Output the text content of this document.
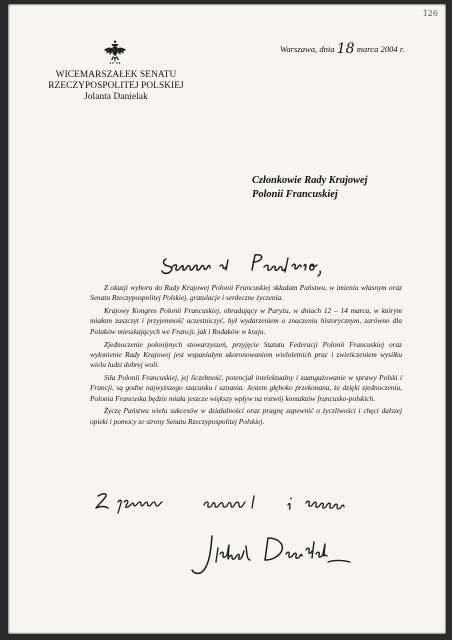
126
WICEMARSZAŁEK SENATU
RZECZYPOSPOLITEJ POLSKIEJ
Jolanta Danielak
Warszawa, dnia 18 marca 2004 r.
Członkowie Rady Krajowej
Polonii Francuskiej

Z okazji wyboru do Rady Krajowej Polonii Francuskiej składam Państwu, w imieniu własnym oraz Senatu Rzeczypospolitej Polskiej, gratulacje i serdeczne życzenia.

Krajowy Kongres Polonii Francuskiej, obradujący w Paryżu, w dniach 12 – 14 marca, w którym miałam zaszczyt i przyjemność uczestniczyć, był wydarzeniem o znaczeniu historycznym, zarówno dla Polaków mieszkających we Francji, jak i Rodaków w kraju.

Zjednoczenie polonijnych stowarzyszeń, przyjęcie Statutu Federacji Polonii Francuskiej oraz wyłonienie Rady Krajowej jest wspaniałym ukoronowaniem wieloletnich prac i zwieńczeniem wysiłku wielu ludzi dobrej woli.

Siła Polonii Francuskiej, jej liczebność, potencjał intelektualny i zaangażowanie w sprawy Polski i Francji, są godne najwyższego szacunku i uznania. Jestem głęboko przekonana, że dzięki zjednoczeniu, Polonia Francuska będzie miała jeszcze większy wpływ na rozwój kontaktów francusko-polskich.

Życzę Państwu wielu sukcesów w działalności oraz pragnę zapewnić o życzliwości i chęci dalszej opieki i pomocy ze strony Senatu Rzeczypospolitej Polskiej.
